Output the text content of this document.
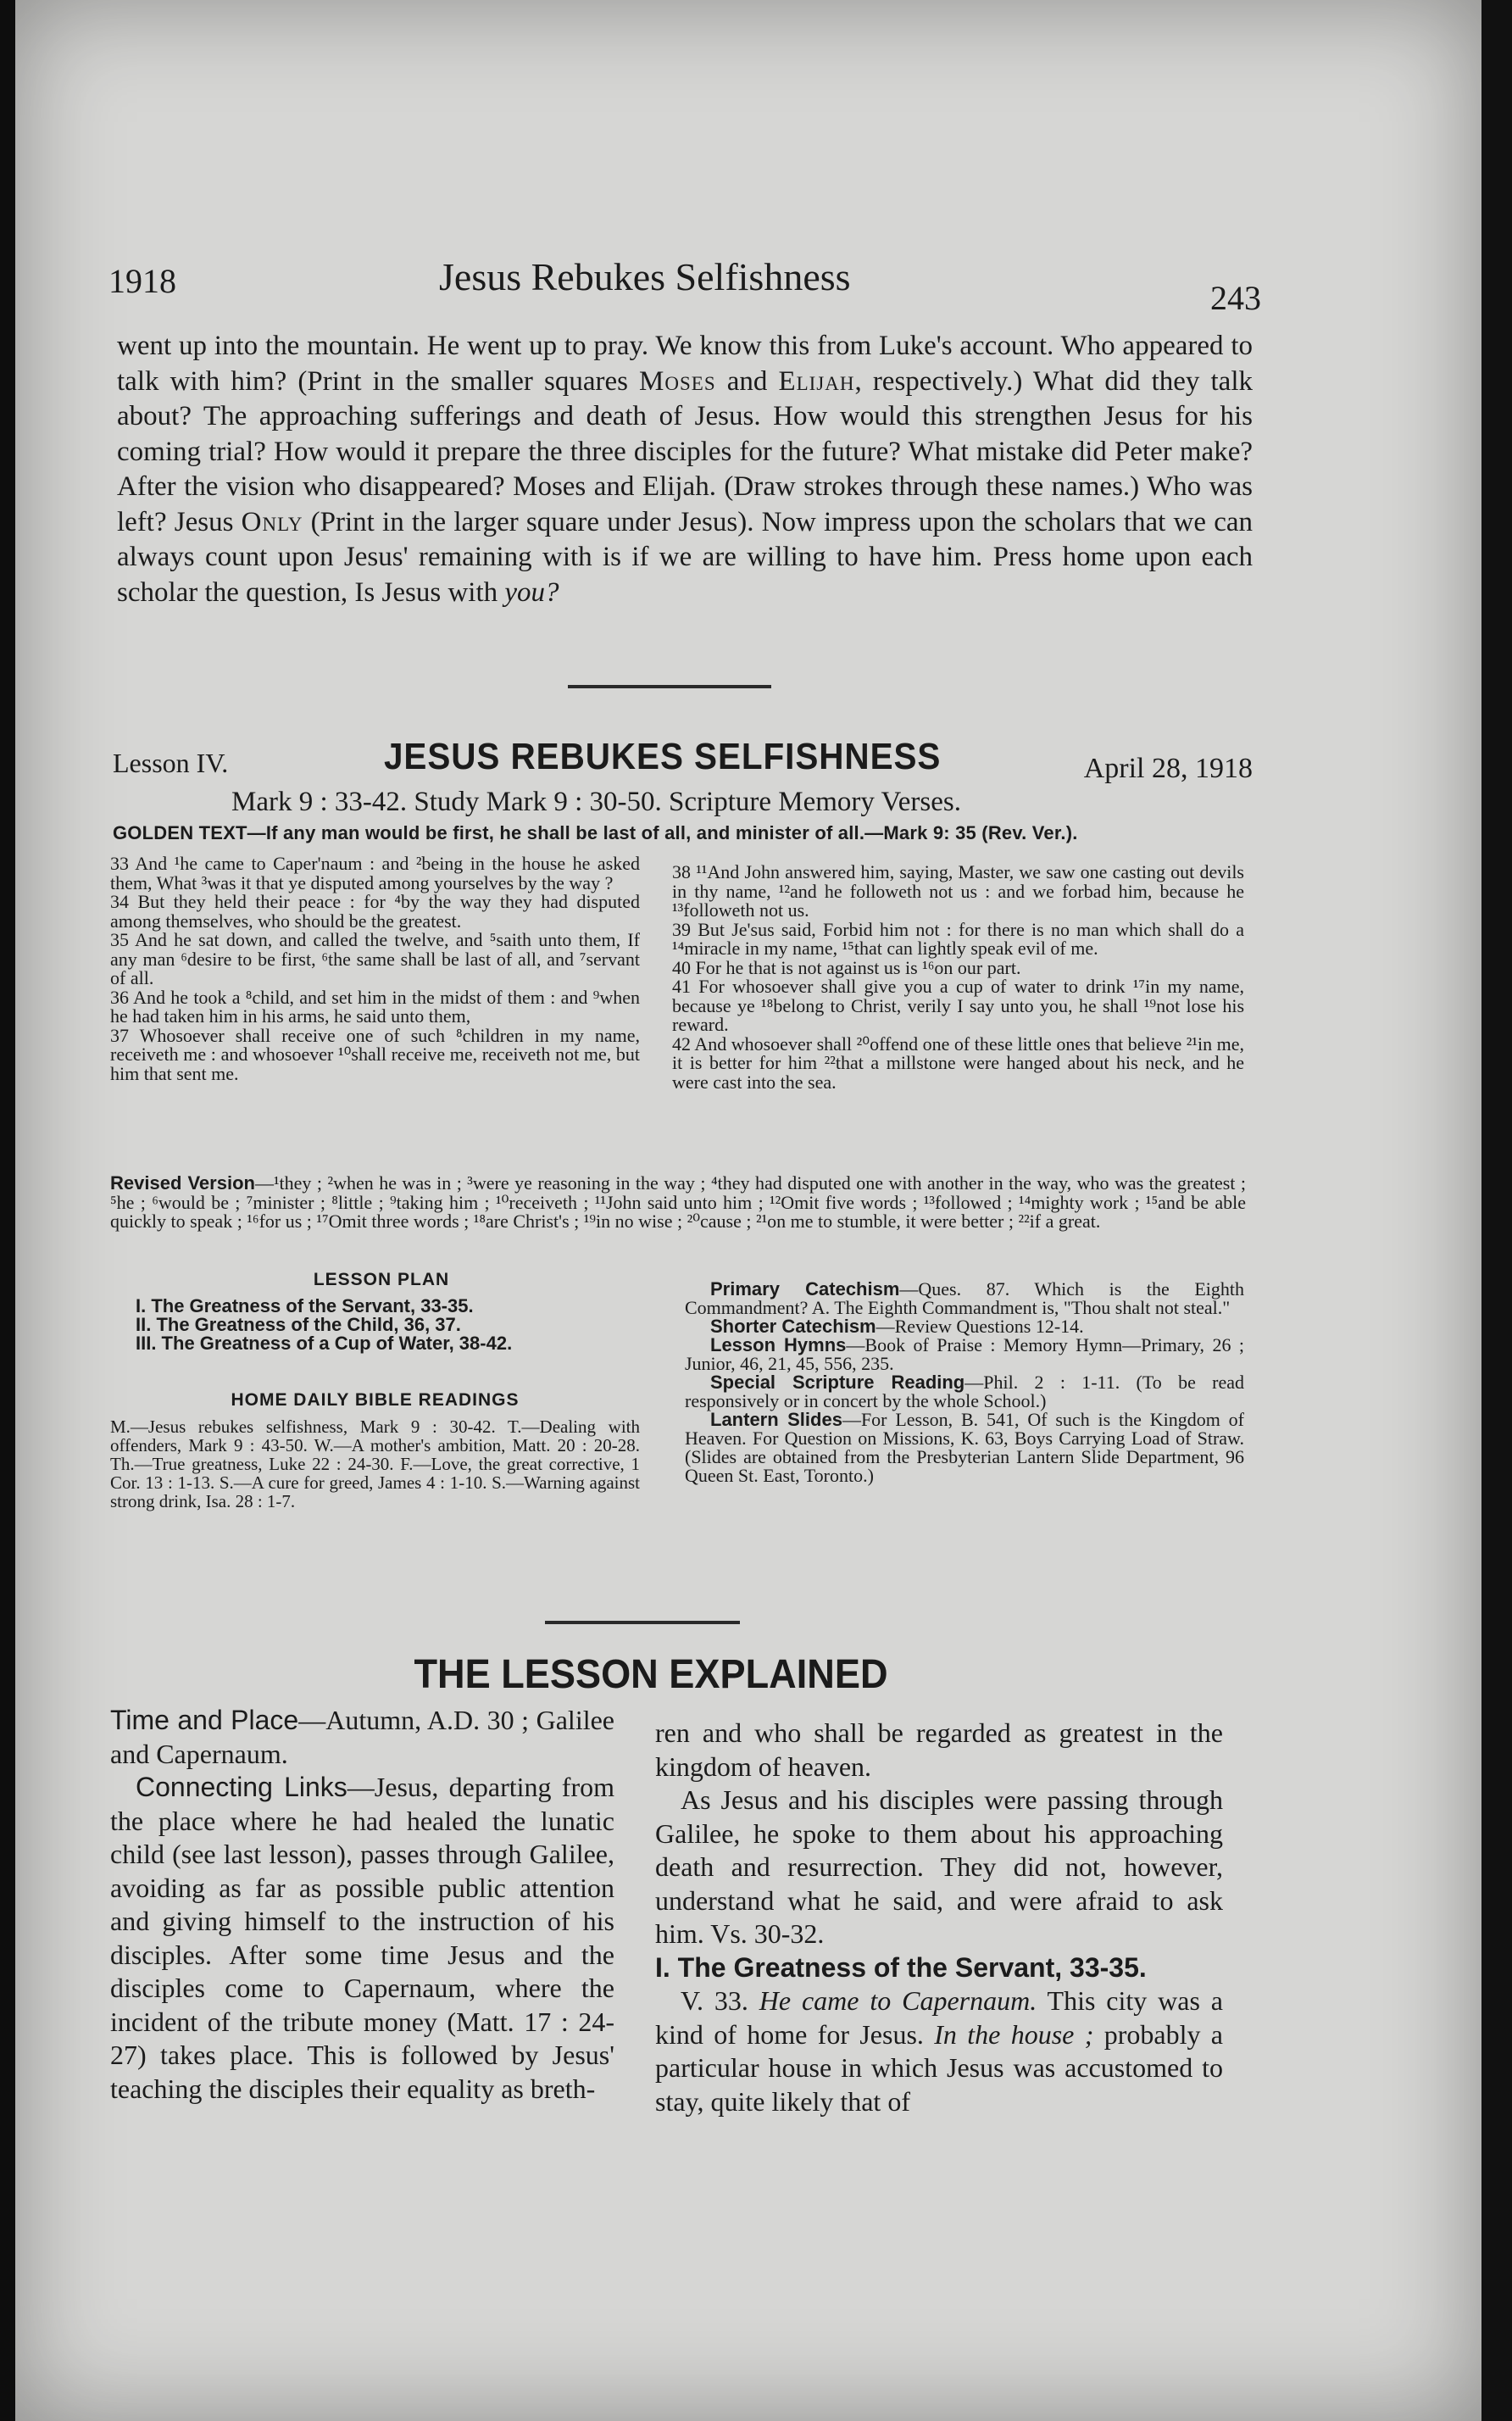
1918	Jesus Rebukes Selfishness	243
went up into the mountain. He went up to pray. We know this from Luke's account. Who appeared to talk with him? (Print in the smaller squares Moses and Elijah, respectively.) What did they talk about? The approaching sufferings and death of Jesus. How would this strengthen Jesus for his coming trial? How would it prepare the three disciples for the future? What mistake did Peter make? After the vision who disappeared? Moses and Elijah. (Draw strokes through these names.) Who was left? Jesus Only (Print in the larger square under Jesus). Now impress upon the scholars that we can always count upon Jesus' remaining with is if we are willing to have him. Press home upon each scholar the question, Is Jesus with you?
Lesson IV.	JESUS REBUKES SELFISHNESS	April 28, 1918
Mark 9 : 33-42. Study Mark 9 : 30-50. Scripture Memory Verses.
GOLDEN TEXT—If any man would be first, he shall be last of all, and minister of all.—Mark 9: 35 (Rev. Ver.).
33 And ¹he came to Caper'naum : and ²being in the house he asked them, What ³was it that ye disputed among yourselves by the way ?
34 But they held their peace : for ⁴by the way they had disputed among themselves, who should be the greatest.
35 And he sat down, and called the twelve, and ⁵saith unto them, If any man ⁶desire to be first, ⁶the same shall be last of all, and ⁷servant of all.
36 And he took a ⁸child, and set him in the midst of them : and ⁹when he had taken him in his arms, he said unto them,
37 Whosoever shall receive one of such ⁸children in my name, receiveth me : and whosoever ¹⁰shall receive me, receiveth not me, but him that sent me.
38 ¹¹And John answered him, saying, Master, we saw one casting out devils in thy name, ¹²and he followeth not us : and we forbad him, because he ¹³followeth not us.
39 But Je'sus said, Forbid him not : for there is no man which shall do a ¹⁴miracle in my name, ¹⁵that can lightly speak evil of me.
40 For he that is not against us is ¹⁶on our part.
41 For whosoever shall give you a cup of water to drink ¹⁷in my name, because ye ¹⁸belong to Christ, verily I say unto you, he shall ¹⁹not lose his reward.
42 And whosoever shall ²⁰offend one of these little ones that believe ²¹in me, it is better for him ²²that a millstone were hanged about his neck, and he were cast into the sea.
Revised Version—¹they ; ²when he was in ; ³were ye reasoning in the way ; ⁴they had disputed one with another in the way, who was the greatest ; ⁵he ; ⁶would be ; ⁷minister ; ⁸little ; ⁹taking him ; ¹⁰receiveth ; ¹¹John said unto him ; ¹²Omit five words ; ¹³followed ; ¹⁴mighty work ; ¹⁵and be able quickly to speak ; ¹⁶for us ; ¹⁷Omit three words ; ¹⁸are Christ's ; ¹⁹in no wise ; ²⁰cause ; ²¹on me to stumble, it were better ; ²²if a great.
LESSON PLAN
I. The Greatness of the Servant, 33-35.
II. The Greatness of the Child, 36, 37.
III. The Greatness of a Cup of Water, 38-42.
HOME DAILY BIBLE READINGS

M.—Jesus rebukes selfishness, Mark 9 : 30-42. T.—Dealing with offenders, Mark 9 : 43-50. W.—A mother's ambition, Matt. 20 : 20-28. Th.—True greatness, Luke 22 : 24-30. F.—Love, the great corrective, 1 Cor. 13 : 1-13. S.—A cure for greed, James 4 : 1-10. S.—Warning against strong drink, Isa. 28 : 1-7.

Primary Catechism—Ques. 87. Which is the Eighth Commandment? A. The Eighth Commandment is, "Thou shalt not steal."

Shorter Catechism—Review Questions 12-14.

Lesson Hymns—Book of Praise : Memory Hymn—Primary, 26 ; Junior, 46, 21, 45, 556, 235.

Special Scripture Reading—Phil. 2 : 1-11. (To be read responsively or in concert by the whole School.)

Lantern Slides—For Lesson, B. 541, Of such is the Kingdom of Heaven. For Question on Missions, K. 63, Boys Carrying Load of Straw. (Slides are obtained from the Presbyterian Lantern Slide Department, 96 Queen St. East, Toronto.)

THE LESSON EXPLAINED

Time and Place—Autumn, A.D. 30 ; Galilee and Capernaum.

Connecting Links—Jesus, departing from the place where he had healed the lunatic child (see last lesson), passes through Galilee, avoiding as far as possible public attention and giving himself to the instruction of his disciples. After some time Jesus and the disciples come to Capernaum, where the incident of the tribute money (Matt. 17 : 24-27) takes place. This is followed by Jesus' teaching the disciples their equality as breth-

ren and who shall be regarded as greatest in the kingdom of heaven.

As Jesus and his disciples were passing through Galilee, he spoke to them about his approaching death and resurrection. They did not, however, understand what he said, and were afraid to ask him. Vs. 30-32.

I. The Greatness of the Servant, 33-35.

V. 33. He came to Capernaum. This city was a kind of home for Jesus. In the house ; probably a particular house in which Jesus was accustomed to stay, quite likely that of
